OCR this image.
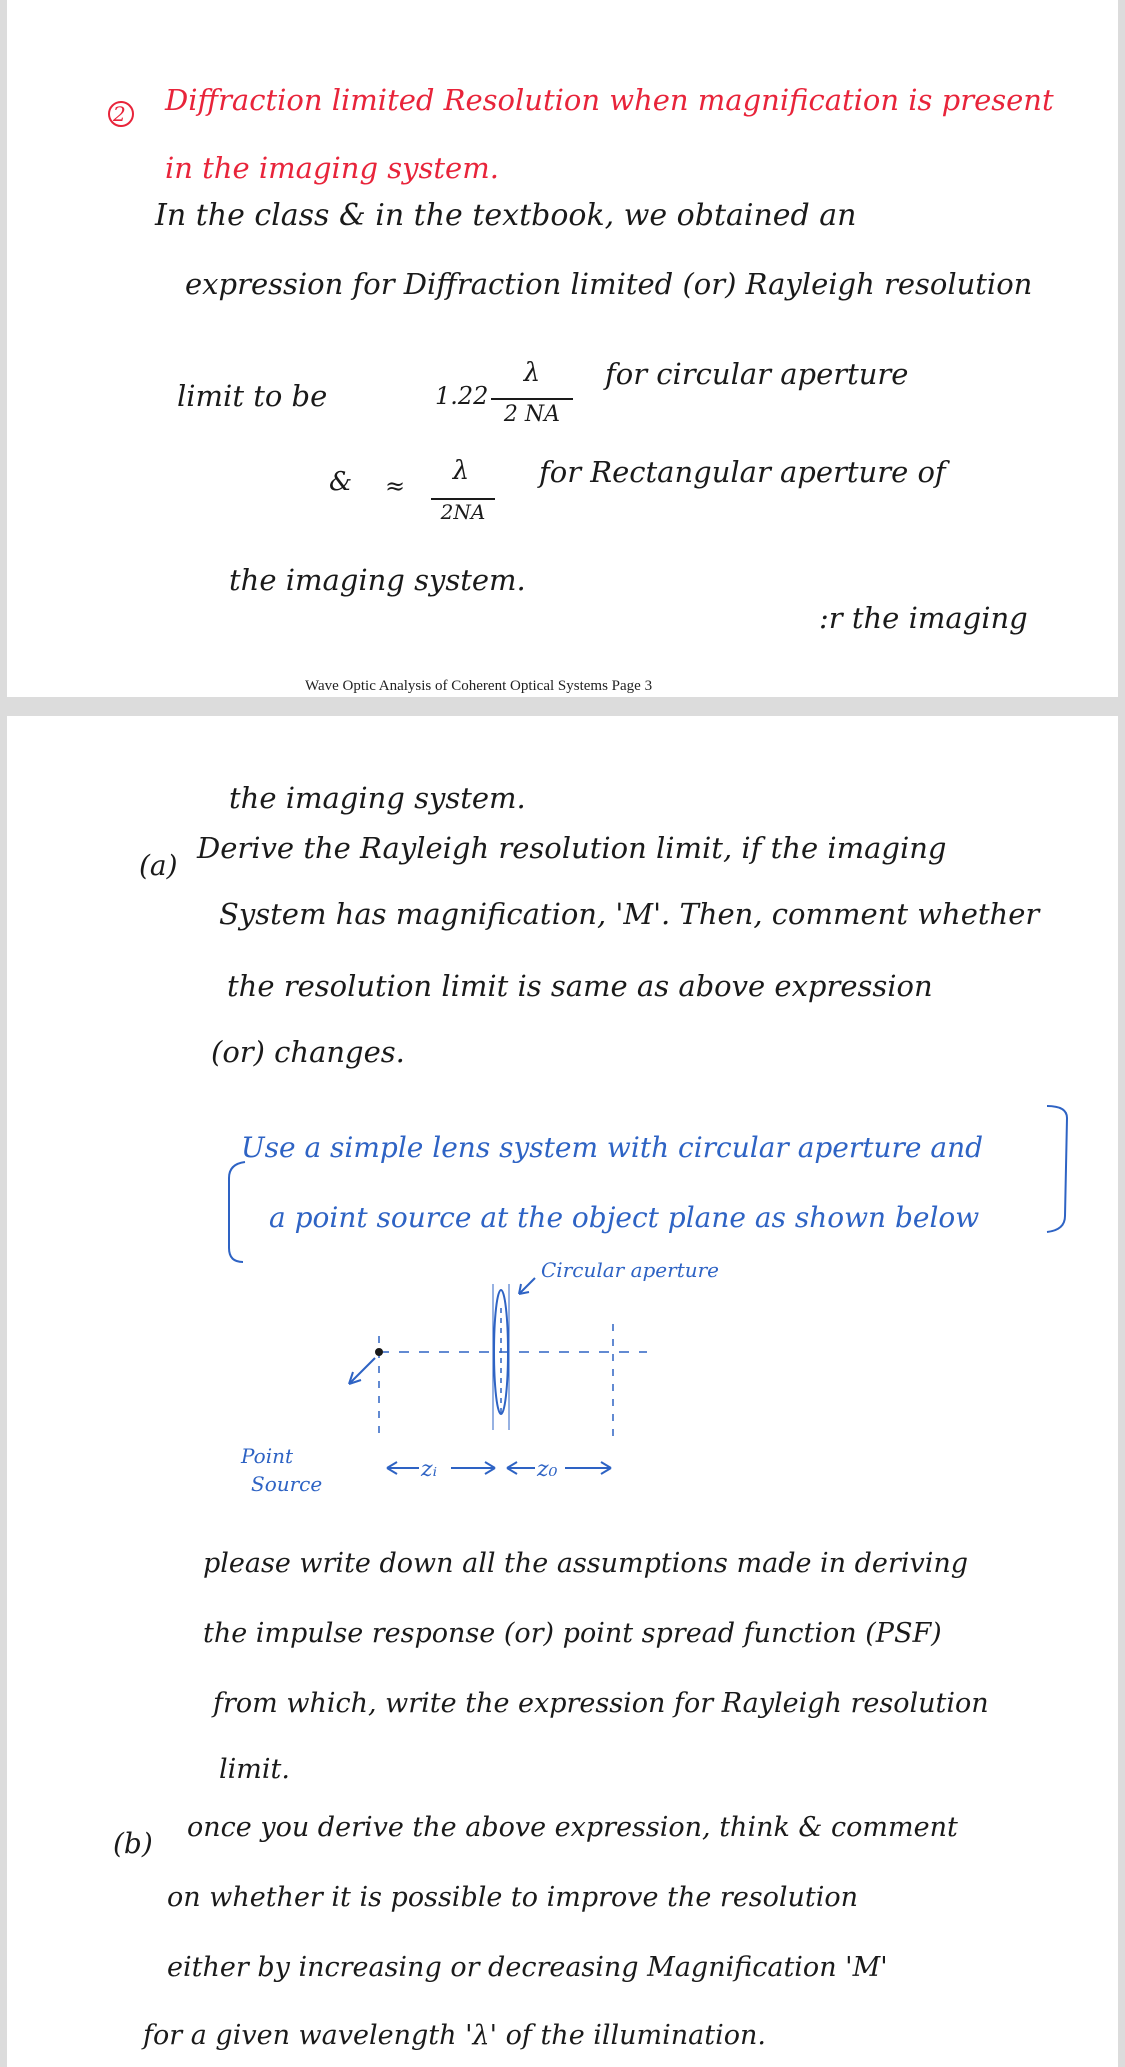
2 Diffraction limited Resolution when magnification is present
in the imaging system.
In the class & in the textbook, we obtained an
expression for Diffraction limited (or) Rayleigh resolution
limit to be	1.22
λ
2 NA
for circular aperture
& ≈	λ
2NA
for Rectangular aperture of
the imaging system.
:r the imaging
Wave Optic Analysis of Coherent Optical Systems Page 3
the imaging system.
(a)
Derive the Rayleigh resolution limit, if the imaging
System has magnification, 'M'. Then, comment whether
the resolution limit is same as above expression
(or) changes.
Use a simple lens system with circular aperture and
a point source at the object plane as shown below
Circular aperture
Point
Source
zᵢ	z₀
please write down all the assumptions made in deriving
the impulse response (or) point spread function (PSF)
from which, write the expression for Rayleigh resolution
limit.
(b) once you derive the above expression, think & comment
on whether it is possible to improve the resolution
either by increasing or decreasing Magnification 'M'
for a given wavelength 'λ' of the illumination.
